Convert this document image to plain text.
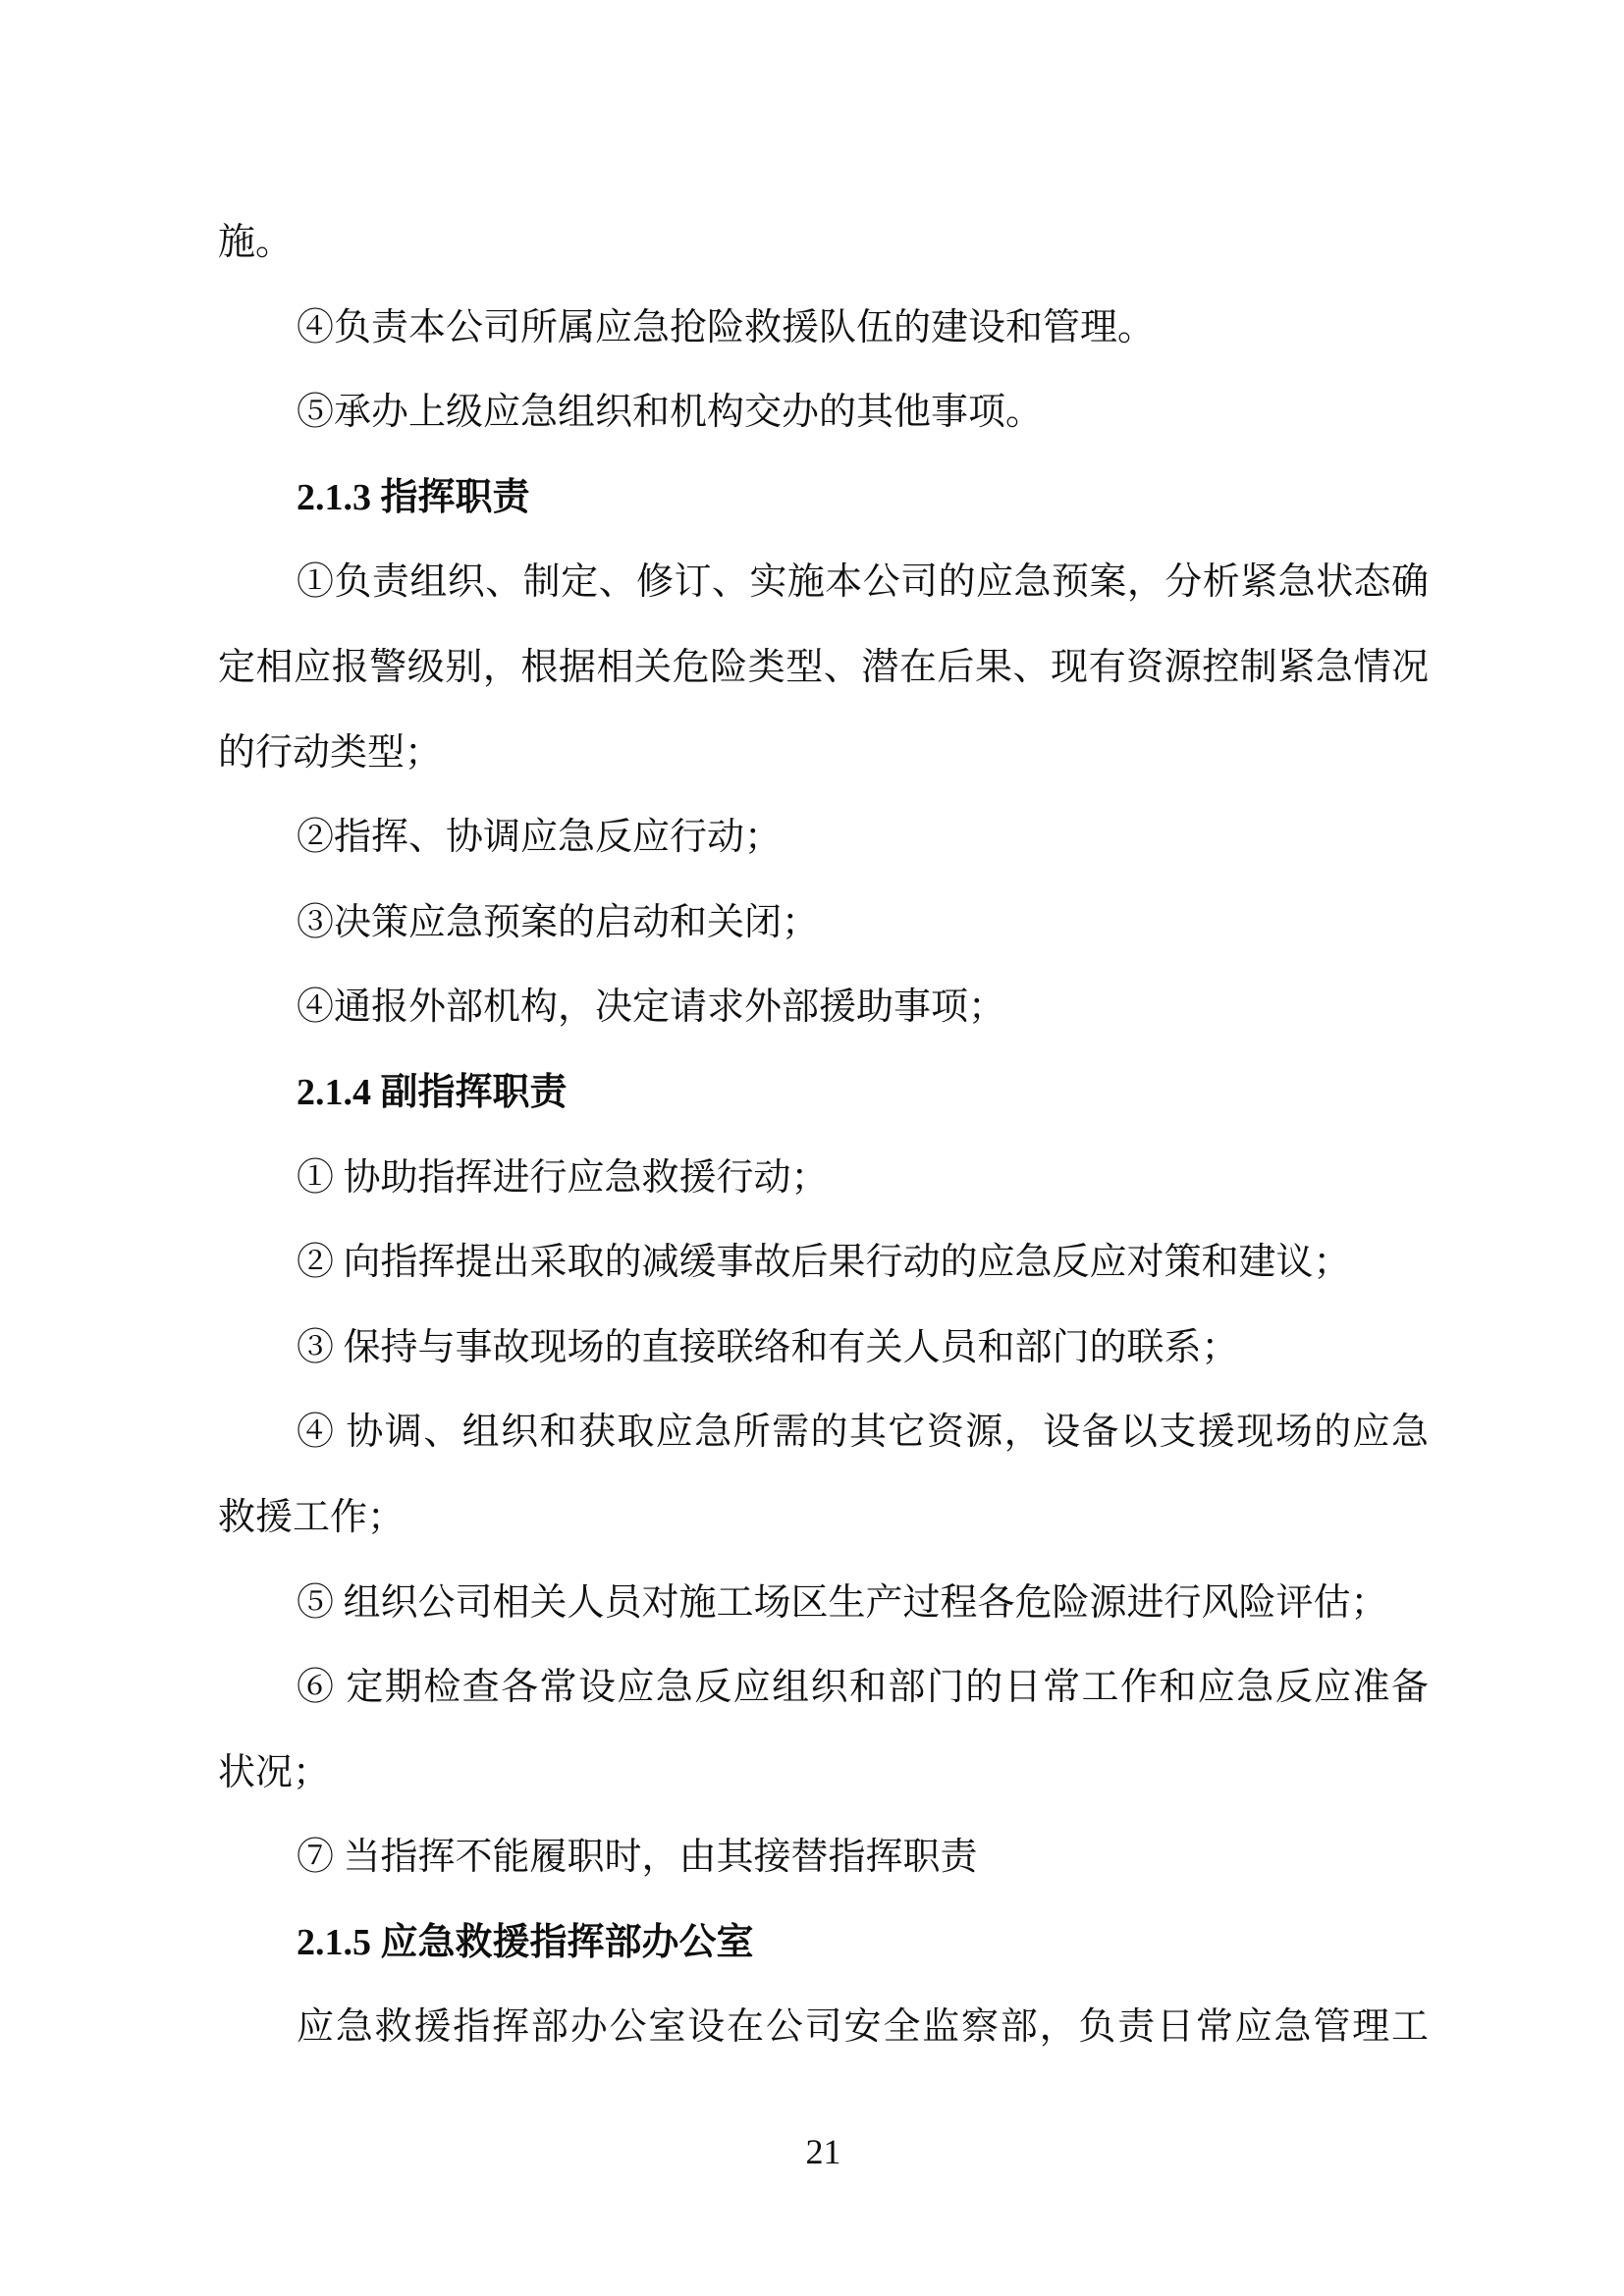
施。
④负责本公司所属应急抢险救援队伍的建设和管理。
⑤承办上级应急组织和机构交办的其他事项。
2.1.3 指挥职责
①负责组织、制定、修订、实施本公司的应急预案，分析紧急状态确
定相应报警级别，根据相关危险类型、潜在后果、现有资源控制紧急情况
的行动类型；
②指挥、协调应急反应行动；
③决策应急预案的启动和关闭；
④通报外部机构，决定请求外部援助事项；
2.1.4 副指挥职责
① 协助指挥进行应急救援行动；
② 向指挥提出采取的减缓事故后果行动的应急反应对策和建议；
③ 保持与事故现场的直接联络和有关人员和部门的联系；
④ 协调、组织和获取应急所需的其它资源，设备以支援现场的应急
救援工作；
⑤ 组织公司相关人员对施工场区生产过程各危险源进行风险评估；
⑥ 定期检查各常设应急反应组织和部门的日常工作和应急反应准备
状况；
⑦ 当指挥不能履职时，由其接替指挥职责
2.1.5 应急救援指挥部办公室
应急救援指挥部办公室设在公司安全监察部，负责日常应急管理工
21
